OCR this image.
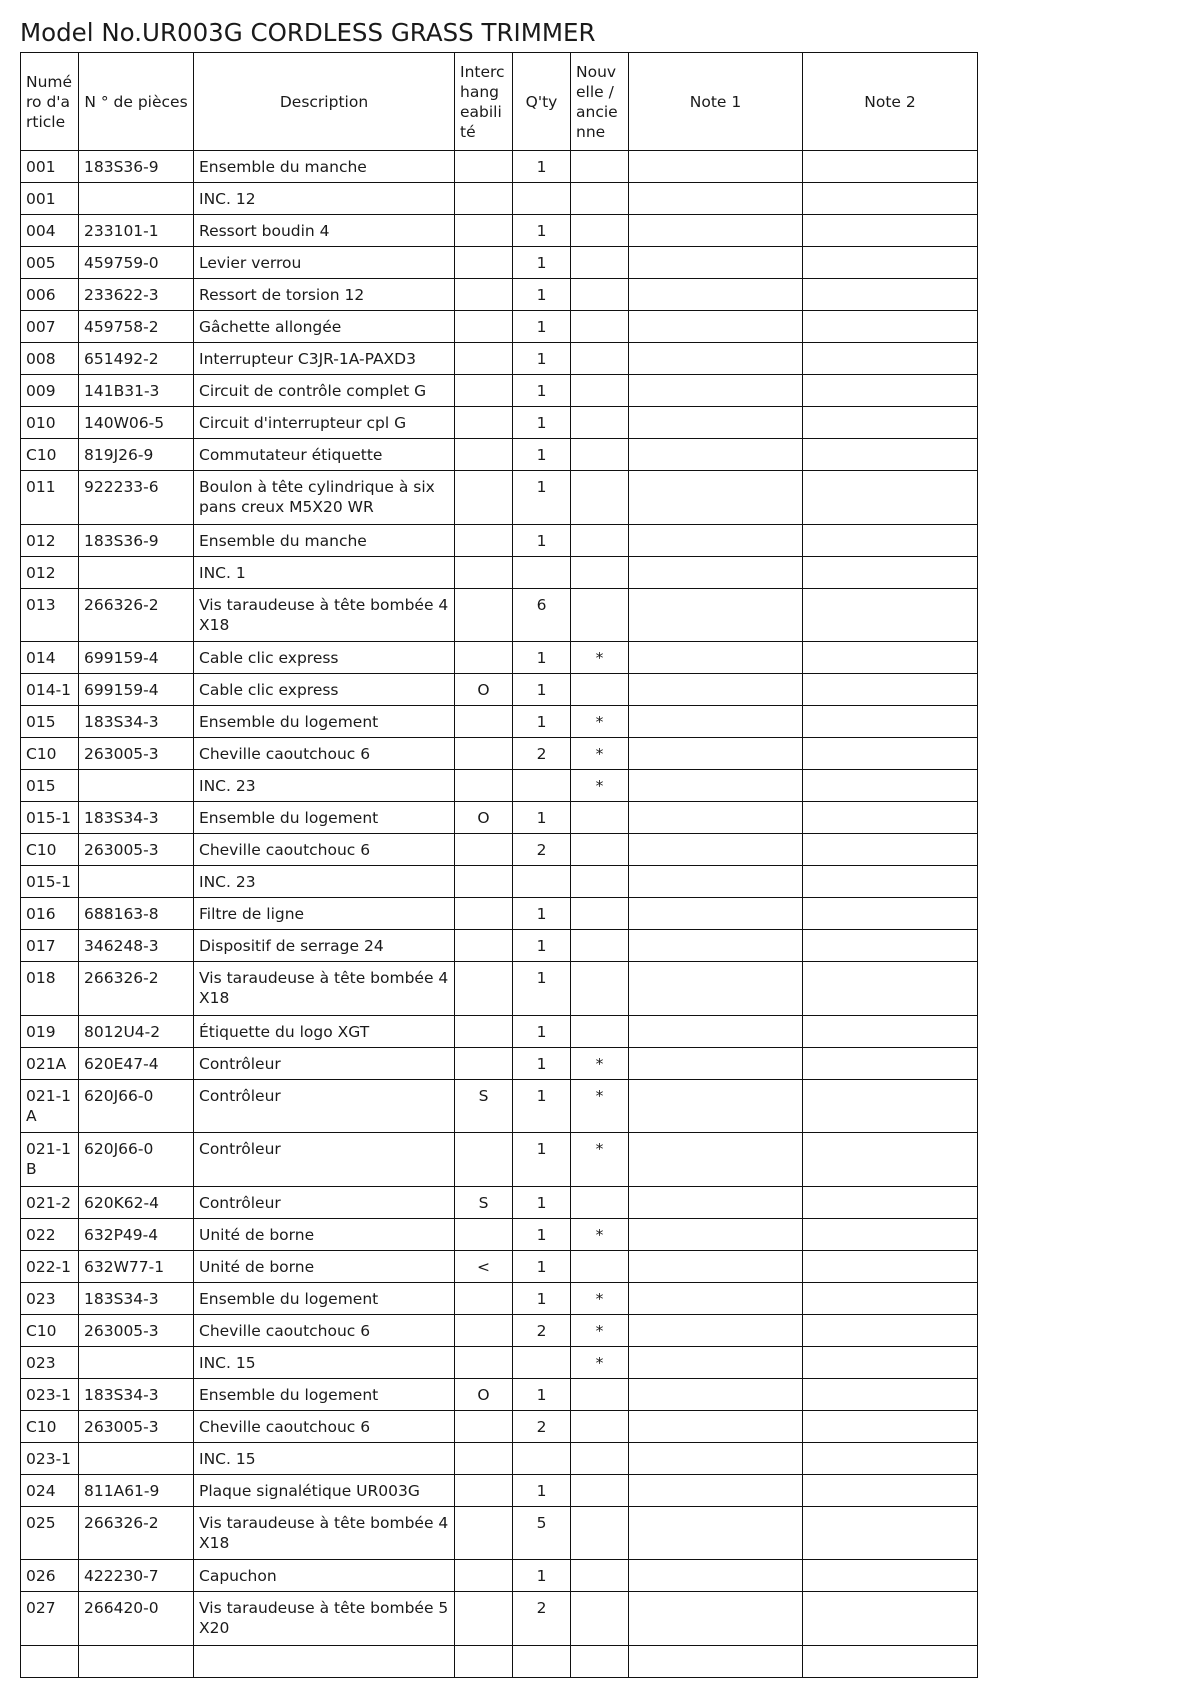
Model No.UR003G CORDLESS GRASS TRIMMER
Numéro d'article	N ° de pièces	Description	Interchangeabilité	Q'ty	Nouvelle / ancienne	Note 1	Note 2
001	183S36-9	Ensemble du manche		1			
001		INC. 12					
004	233101-1	Ressort boudin 4		1			
005	459759-0	Levier verrou		1			
006	233622-3	Ressort de torsion 12		1			
007	459758-2	Gâchette allongée		1			
008	651492-2	Interrupteur C3JR-1A-PAXD3		1			
009	141B31-3	Circuit de contrôle complet G		1			
010	140W06-5	Circuit d'interrupteur cpl G		1			
C10	819J26-9	Commutateur étiquette		1			
011	922233-6	Boulon à tête cylindrique à six pans creux M5X20 WR		1			
012	183S36-9	Ensemble du manche		1			
012		INC. 1					
013	266326-2	Vis taraudeuse à tête bombée 4X18		6			
014	699159-4	Cable clic express		1	*		
014-1	699159-4	Cable clic express	O	1			
015	183S34-3	Ensemble du logement		1	*		
C10	263005-3	Cheville caoutchouc 6		2	*		
015		INC. 23			*		
015-1	183S34-3	Ensemble du logement	O	1			
C10	263005-3	Cheville caoutchouc 6		2			
015-1		INC. 23					
016	688163-8	Filtre de ligne		1			
017	346248-3	Dispositif de serrage 24		1			
018	266326-2	Vis taraudeuse à tête bombée 4X18		1			
019	8012U4-2	Étiquette du logo XGT		1			
021A	620E47-4	Contrôleur		1	*		
021-1A	620J66-0	Contrôleur	S	1	*		
021-1B	620J66-0	Contrôleur		1	*		
021-2	620K62-4	Contrôleur	S	1			
022	632P49-4	Unité de borne		1	*		
022-1	632W77-1	Unité de borne	<	1			
023	183S34-3	Ensemble du logement		1	*		
C10	263005-3	Cheville caoutchouc 6		2	*		
023		INC. 15			*		
023-1	183S34-3	Ensemble du logement	O	1			
C10	263005-3	Cheville caoutchouc 6		2			
023-1		INC. 15					
024	811A61-9	Plaque signalétique UR003G		1			
025	266326-2	Vis taraudeuse à tête bombée 4X18		5			
026	422230-7	Capuchon		1			
027	266420-0	Vis taraudeuse à tête bombée 5X20		2			
